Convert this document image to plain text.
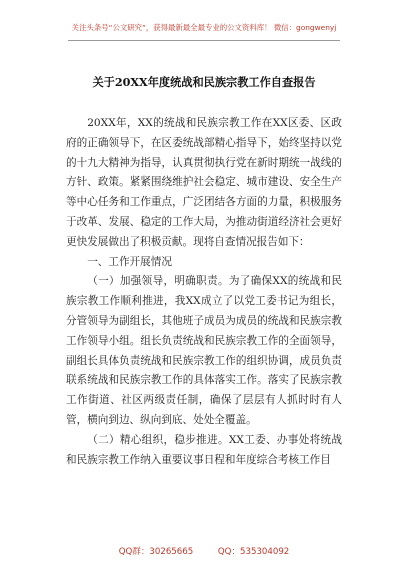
关注头条号“公文研究”，获得最新最全最专业的公文资料库！ 微信：gongwenyj
关于20XX年度统战和民族宗教工作自查报告

20XX年，XX的统战和民族宗教工作在XX区委、区政府的正确领导下，在区委统战部精心指导下，始终坚持以党的十九大精神为指导，认真贯彻执行党在新时期统一战线的方针、政策。紧紧围绕维护社会稳定、城市建设、安全生产等中心任务和工作重点，广泛团结各方面的力量，积极服务于改革、发展、稳定的工作大局，为推动街道经济社会更好更快发展做出了积极贡献。现将自查情况报告如下：

一、工作开展情况

（一）加强领导，明确职责。为了确保XX的统战和民族宗教工作顺利推进，我XX成立了以党工委书记为组长，分管领导为副组长，其他班子成员为成员的统战和民族宗教工作领导小组。组长负责统战和民族宗教工作的全面领导，副组长具体负责统战和民族宗教工作的组织协调，成员负责联系统战和民族宗教工作的具体落实工作。落实了民族宗教工作街道、社区两级责任制，确保了层层有人抓时时有人管，横向到边、纵向到底、处处全覆盖。

（二）精心组织，稳步推进。XX工委、办事处将统战和民族宗教工作纳入重要议事日程和年度综合考核工作目

QQ群：30265665	QQ：535304092
